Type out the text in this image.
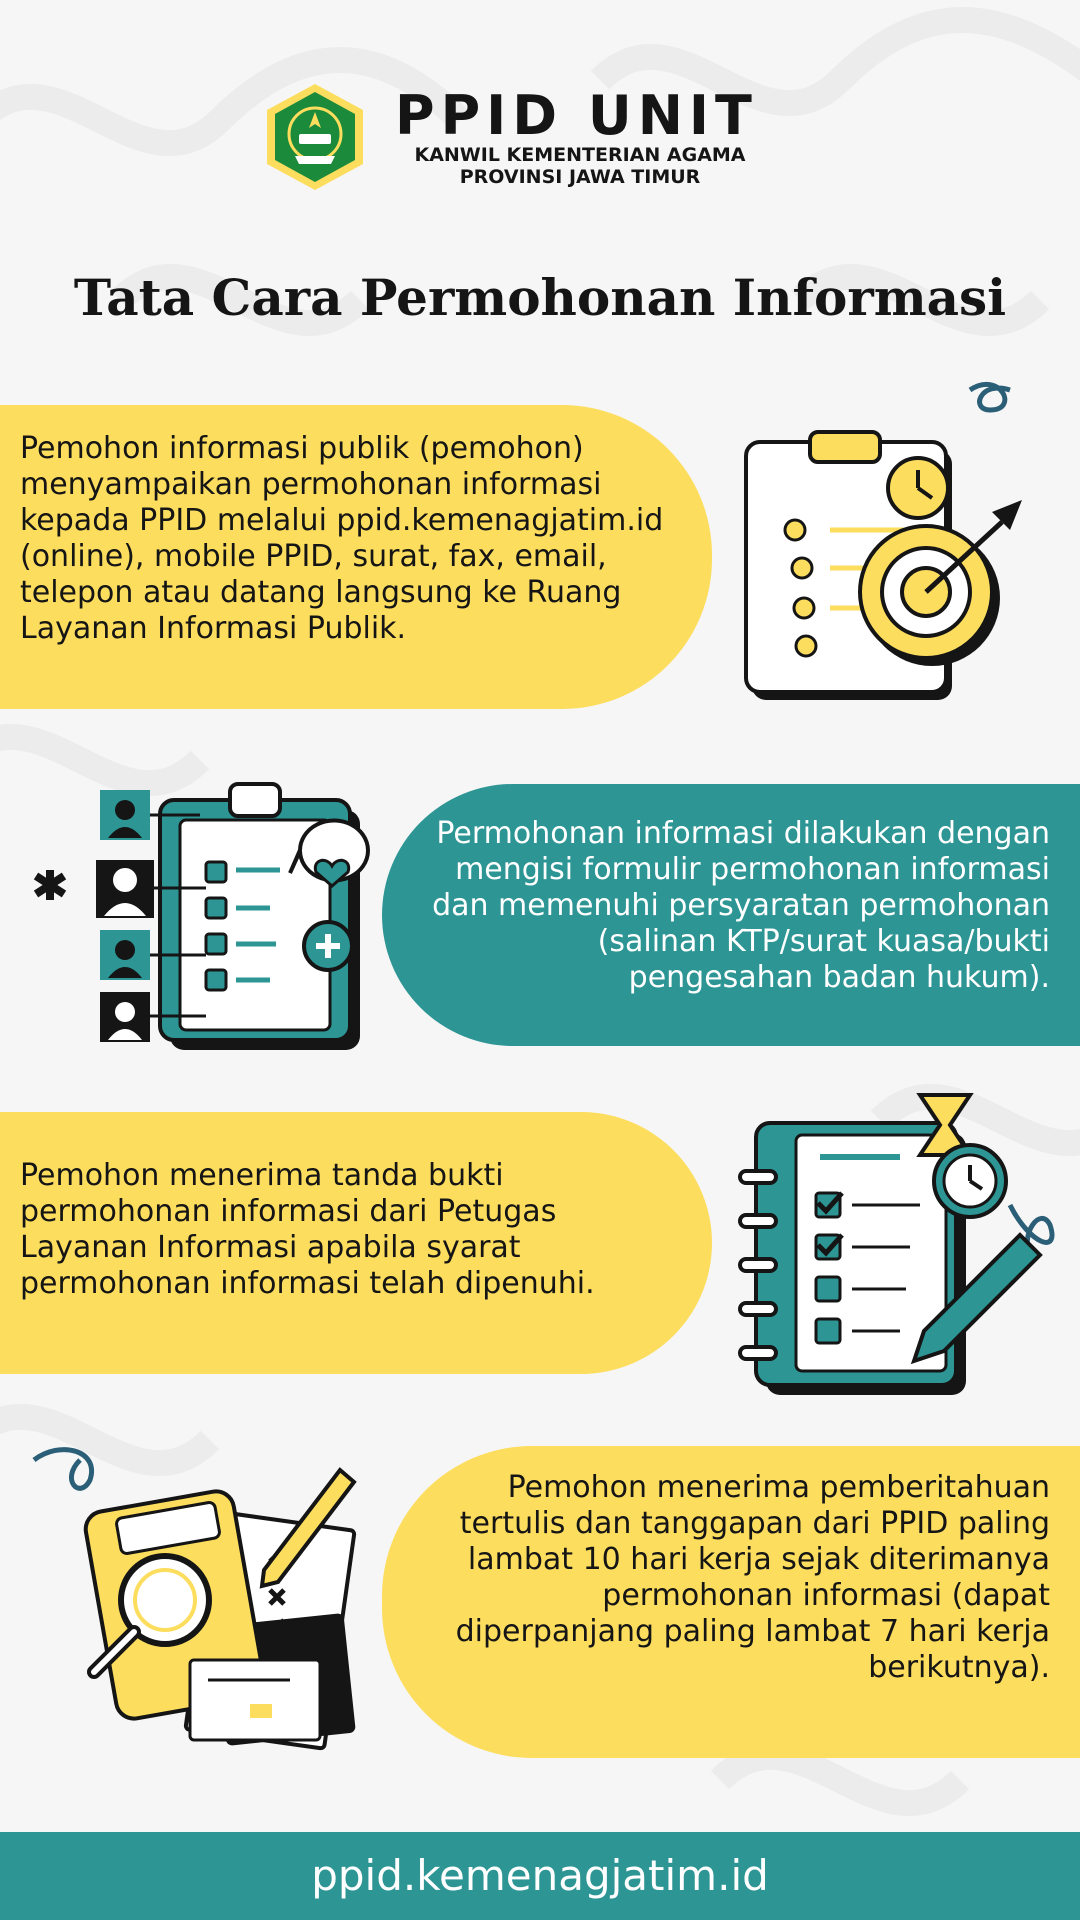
PPID UNIT
KANWIL KEMENTERIAN AGAMA
PROVINSI JAWA TIMUR
Tata Cara Permohonan Informasi
Pemohon informasi publik (pemohon) menyampaikan permohonan informasi kepada PPID melalui ppid.kemenagjatim.id (online), mobile PPID, surat, fax, email, telepon atau datang langsung ke Ruang Layanan Informasi Publik.
Permohonan informasi dilakukan dengan mengisi formulir permohonan informasi dan memenuhi persyaratan permohonan (salinan KTP/surat kuasa/bukti pengesahan badan hukum).
Pemohon menerima tanda bukti permohonan informasi dari Petugas Layanan Informasi apabila syarat permohonan informasi telah dipenuhi.
Pemohon menerima pemberitahuan tertulis dan tanggapan dari PPID paling lambat 10 hari kerja sejak diterimanya permohonan informasi (dapat diperpanjang paling lambat 7 hari kerja berikutnya).
ppid.kemenagjatim.id
